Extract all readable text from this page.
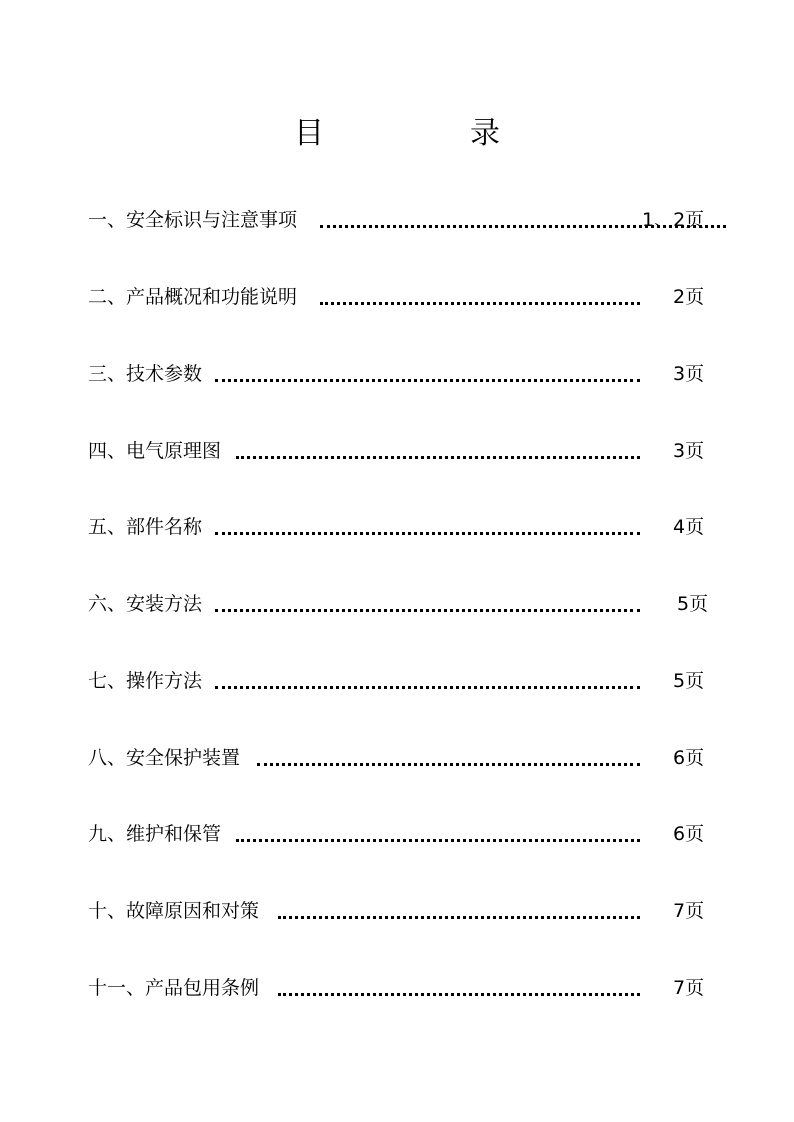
目	录
一、安全标识与注意事项	1、2页
二、产品概况和功能说明	2页
三、技术参数	3页
四、电气原理图	3页
五、部件名称	4页
六、安装方法	5页
七、操作方法	5页
八、安全保护装置	6页
九、维护和保管	6页
十、故障原因和对策	7页
十一、产品包用条例	7页
